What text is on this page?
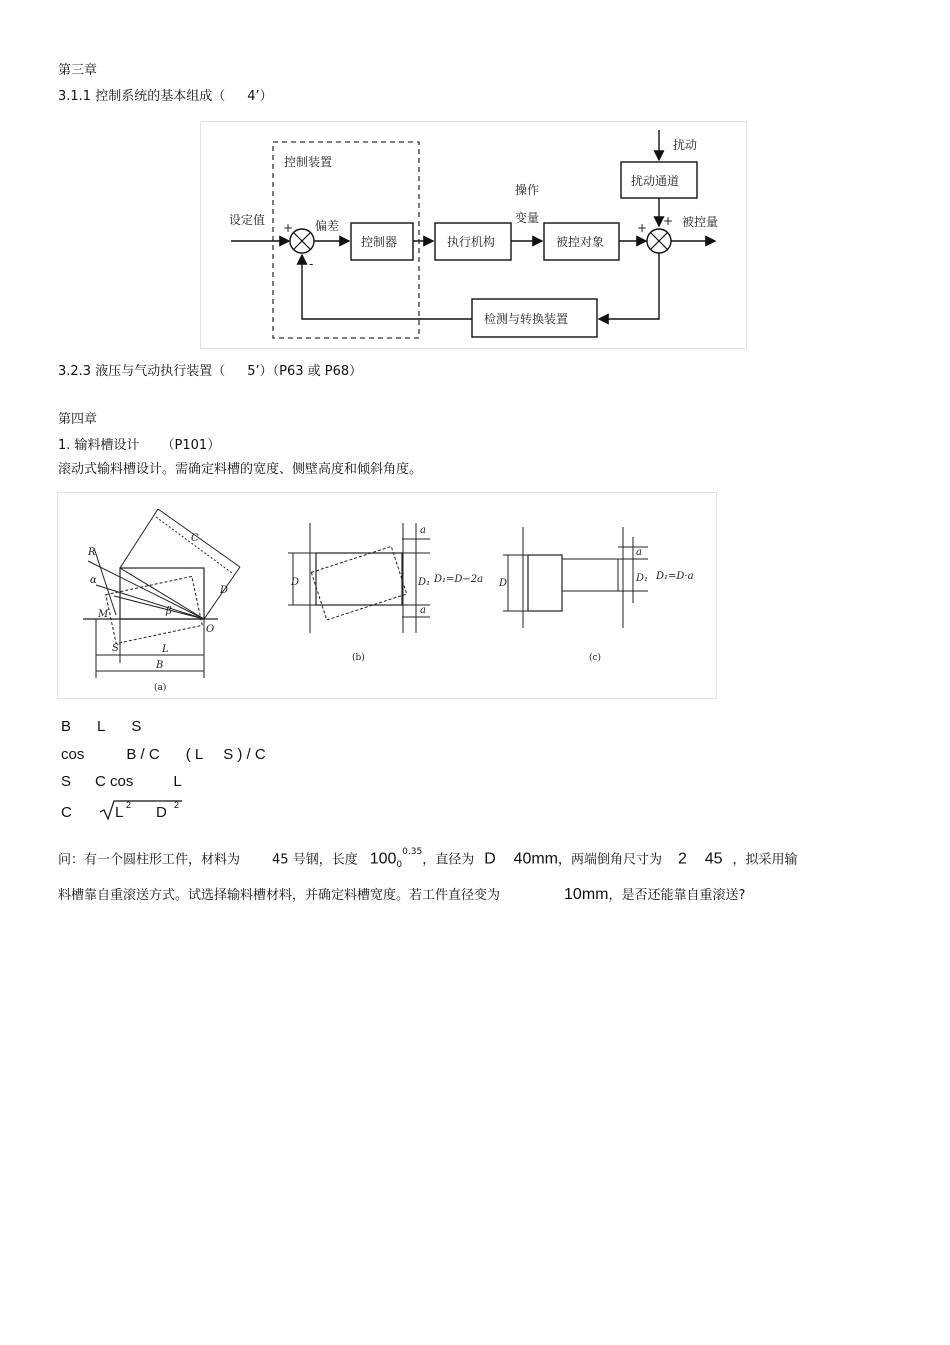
第三章
3.1.1 控制系统的基本组成（ 4’）
控制装置
设定值
+
-
偏差
控制器	执行机构
操作
变量
被控对象
+
扰动
扰动通道
+ 被控量
检测与转换装置
3.2.3 液压与气动执行装置（ 5’）（P63 或 P68）
第四章
1. 输料槽设计 （P101）
滚动式输料槽设计。需确定料槽的宽度、侧壁高度和倾斜角度。
C
R
α
D
M	β
O
S	L
B
(a)
D
a
D₁
a
D₁=D−2a
(b)
D
a
D₁ D₁=D·a
(c)
B L S
cos	B / C ( L S ) / C
S C cos	L
C	L 2 D 2
问：有一个圆柱形工件，材料为 45 号钢，长度 $100_0^{0.35}$，直径为 D    40mm，两端倒角尺寸为 2    45 ，拟采用输
料槽靠自重滚送方式。试选择输料槽材料，并确定料槽宽度。若工件直径变为	10mm，是否还能靠自重滚送?
